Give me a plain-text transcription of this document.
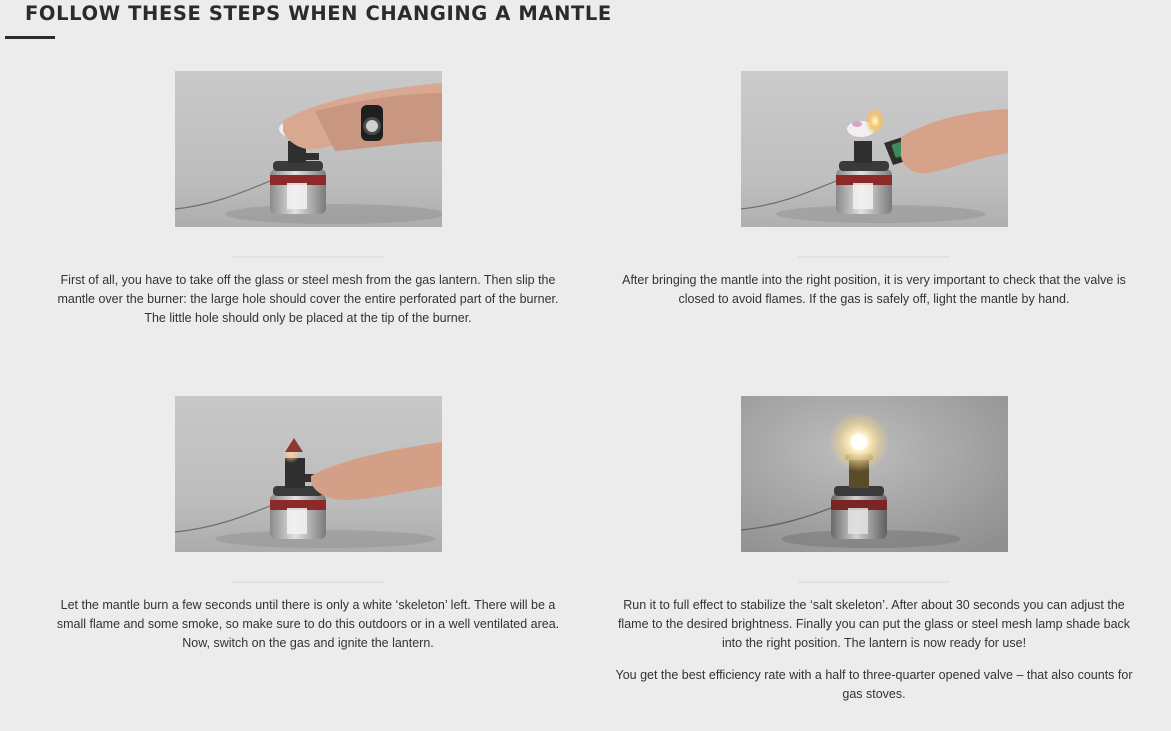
FOLLOW THESE STEPS WHEN CHANGING A MANTLE

First of all, you have to take off the glass or steel mesh from the gas lantern. Then slip the mantle over the burner: the large hole should cover the entire perforated part of the burner. The little hole should only be placed at the tip of the burner.

After bringing the mantle into the right position, it is very important to check that the valve is closed to avoid flames. If the gas is safely off, light the mantle by hand.

Let the mantle burn a few seconds until there is only a white ‘skeleton’ left. There will be a small flame and some smoke, so make sure to do this outdoors or in a well ventilated area. Now, switch on the gas and ignite the lantern.

Run it to full effect to stabilize the ‘salt skeleton’. After about 30 seconds you can adjust the flame to the desired brightness. Finally you can put the glass or steel mesh lamp shade back into the right position. The lantern is now ready for use!

You get the best efficiency rate with a half to three-quarter opened valve – that also counts for gas stoves.
